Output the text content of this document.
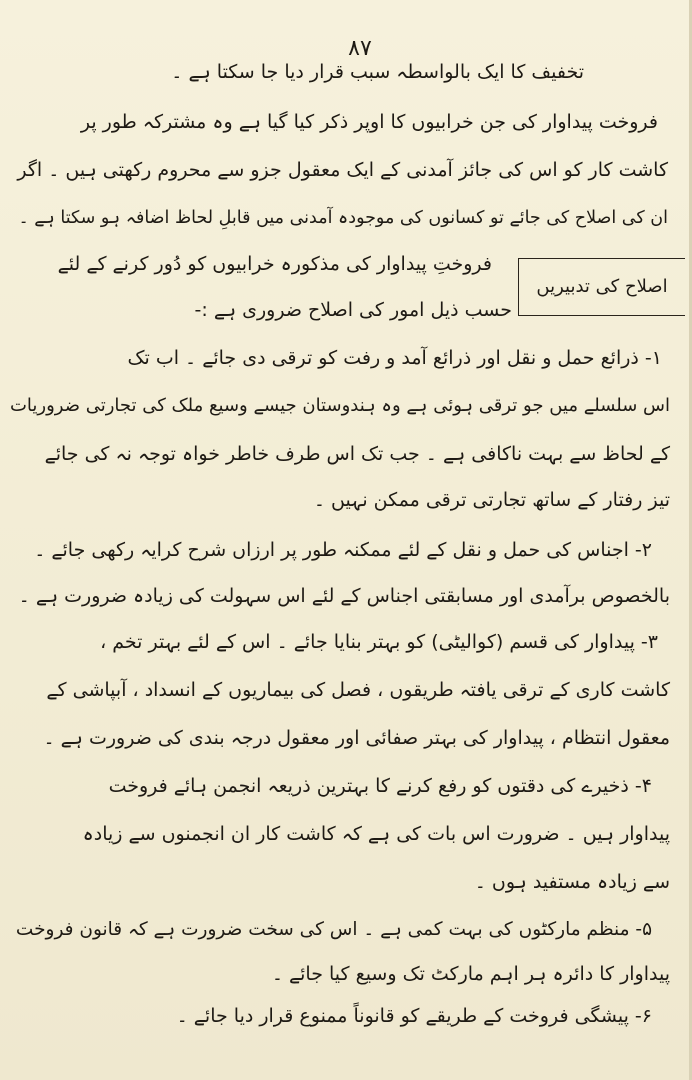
۸۷
اصلاح کی تدبیریں
تخفیف کا ایک بالواسطہ سبب قرار دیا جا سکتا ہے ۔
فروخت پیداوار کی جن خرابیوں کا اوپر ذکر کیا گیا ہے وہ مشترکہ طور پر
کاشت کار کو اس کی جائز آمدنی کے ایک معقول جزو سے محروم رکھتی ہیں ۔ اگر
ان کی اصلاح کی جائے تو کسانوں کی موجودہ آمدنی میں قابلِ لحاظ اضافہ ہو سکتا ہے ۔
فروختِ پیداوار کی مذکورہ خرابیوں کو دُور کرنے کے لئے
حسب ذیل امور کی اصلاح ضروری ہے :-
۱- ذرائع حمل و نقل اور ذرائع آمد و رفت کو ترقی دی جائے ۔ اب تک
اس سلسلے میں جو ترقی ہوئی ہے وہ ہندوستان جیسے وسیع ملک کی تجارتی ضروریات
کے لحاظ سے بہت ناکافی ہے ۔ جب تک اس طرف خاطر خواہ توجہ نہ کی جائے
تیز رفتار کے ساتھ تجارتی ترقی ممکن نہیں ۔
۲- اجناس کی حمل و نقل کے لئے ممکنہ طور پر ارزاں شرح کرایہ رکھی جائے ۔
بالخصوص برآمدی اور مسابقتی اجناس کے لئے اس سہولت کی زیادہ ضرورت ہے ۔
۳- پیداوار کی قسم (کوالیٹی) کو بہتر بنایا جائے ۔ اس کے لئے بہتر تخم ،
کاشت کاری کے ترقی یافتہ طریقوں ، فصل کی بیماریوں کے انسداد ، آبپاشی کے
معقول انتظام ، پیداوار کی بہتر صفائی اور معقول درجہ بندی کی ضرورت ہے ۔
۴- ذخیرے کی دقتوں کو رفع کرنے کا بہترین ذریعہ انجمن ہائے فروخت
پیداوار ہیں ۔ ضرورت اس بات کی ہے کہ کاشت کار ان انجمنوں سے زیادہ
سے زیادہ مستفید ہوں ۔
۵- منظم مارکٹوں کی بہت کمی ہے ۔ اس کی سخت ضرورت ہے کہ قانون فروخت
پیداوار کا دائرہ ہر اہم مارکٹ تک وسیع کیا جائے ۔
۶- پیشگی فروخت کے طریقے کو قانوناً ممنوع قرار دیا جائے ۔
